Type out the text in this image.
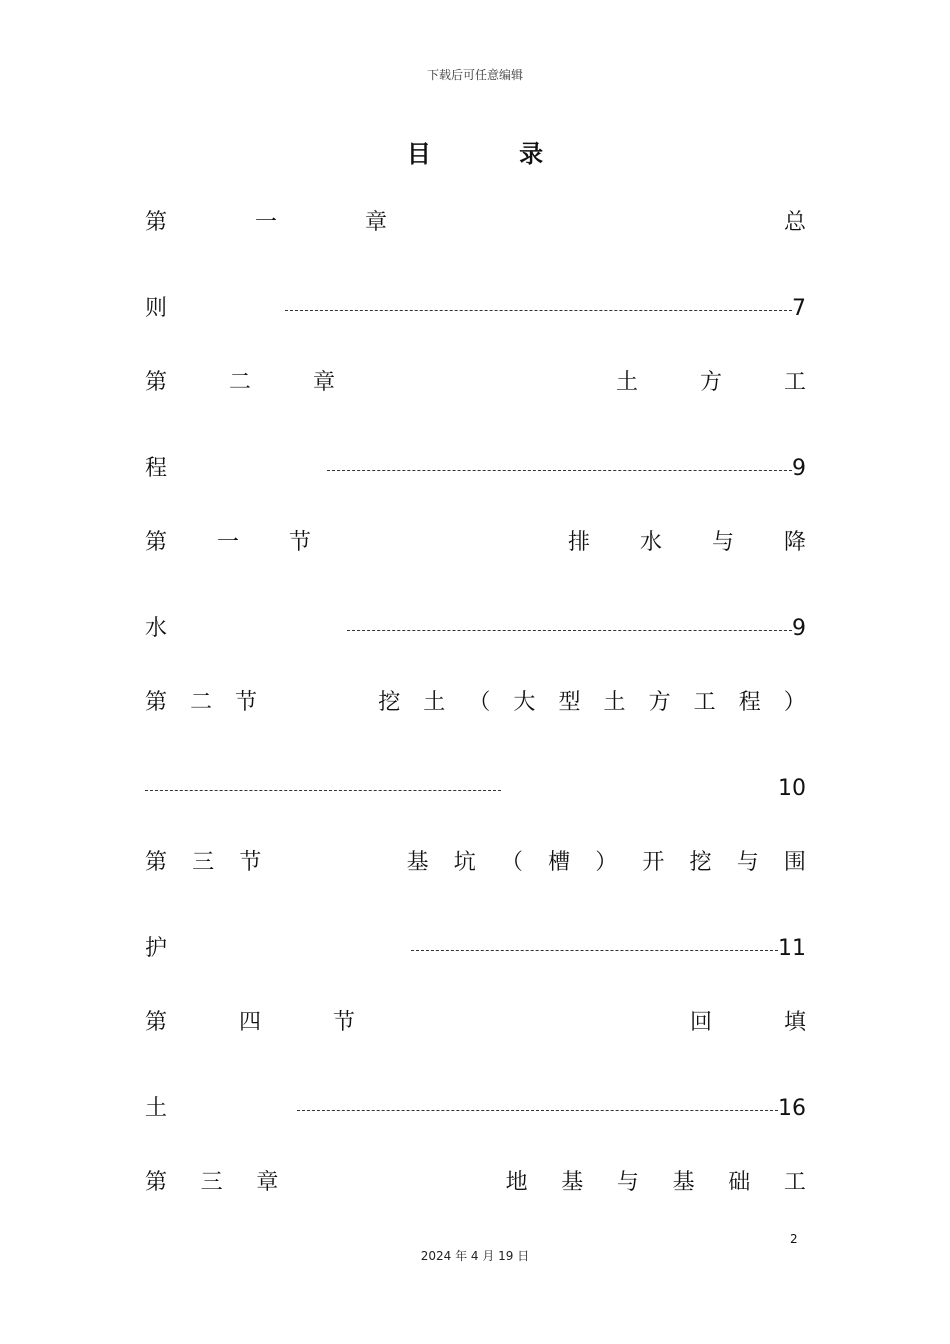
下载后可任意编辑
目 录
第	一	章	总
则	7
第	二	章	土	方	工
程	9
第 一 节	排 水 与 降
水	9
第 二 节	挖 土 （ 大 型 土 方 工 程 ）
10
第 三 节	基 坑 （ 槽 ） 开 挖 与 围
护	11
第	四	节	回	填
土	16
第 三 章	地 基 与 基 础 工
2
2024 年 4 月 19 日
